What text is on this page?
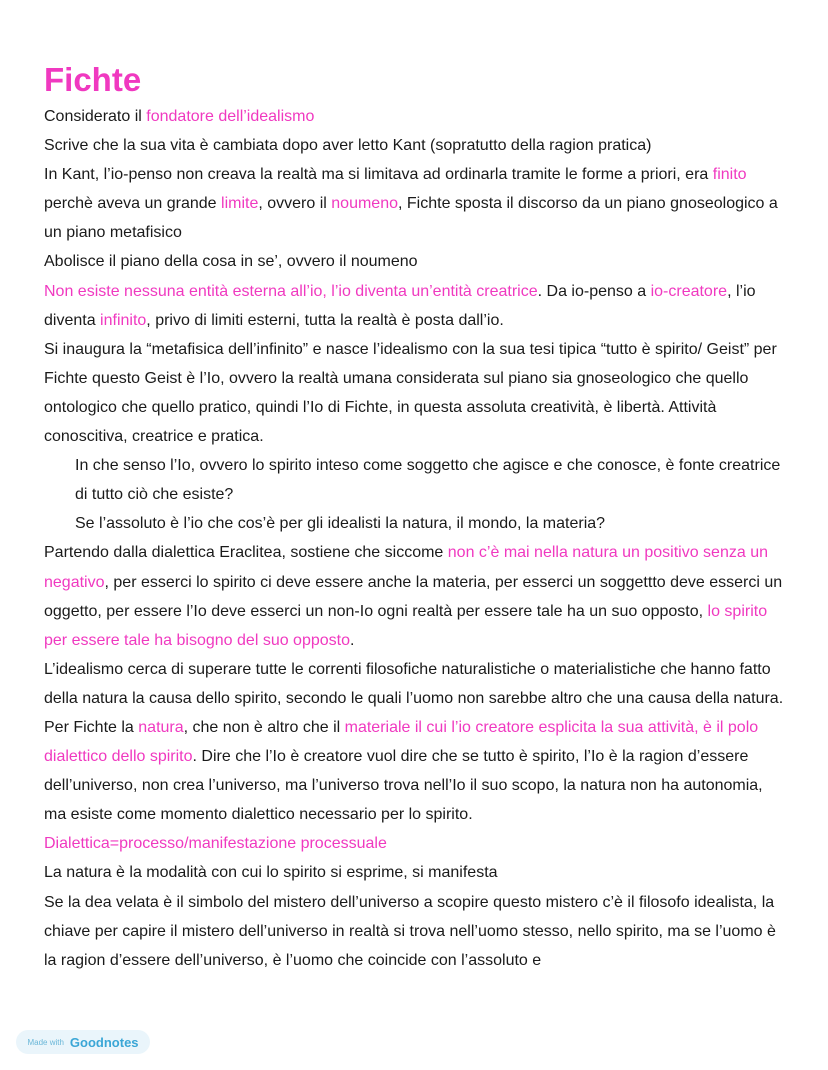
Fichte

Considerato il fondatore dell’idealismo

Scrive che la sua vita è cambiata dopo aver letto Kant (sopratutto della ragion pratica)

In Kant, l’io-penso non creava la realtà ma si limitava ad ordinarla tramite le forme a priori, era finito perchè aveva un grande limite, ovvero il noumeno, Fichte sposta il discorso da un piano gnoseologico a un piano metafisico

Abolisce il piano della cosa in se’, ovvero il noumeno

Non esiste nessuna entità esterna all’io, l’io diventa un’entità creatrice. Da io-penso a io-creatore, l’io diventa infinito, privo di limiti esterni, tutta la realtà è posta dall’io.

Si inaugura la “metafisica dell’infinito” e nasce l’idealismo con la sua tesi tipica “tutto è spirito/ Geist” per Fichte questo Geist è l’Io, ovvero la realtà umana considerata sul piano sia gnoseologico che quello ontologico che quello pratico, quindi l’Io di Fichte, in questa assoluta creatività, è libertà. Attività conoscitiva, creatrice e pratica.

In che senso l’Io, ovvero lo spirito inteso come soggetto che agisce e che conosce, è fonte creatrice di tutto ciò che esiste?

Se l’assoluto è l’io che cos’è per gli idealisti la natura, il mondo, la materia?

Partendo dalla dialettica Eraclitea, sostiene che siccome non c’è mai nella natura un positivo senza un negativo, per esserci lo spirito ci deve essere anche la materia, per esserci un soggettto deve esserci un oggetto, per essere l’Io deve esserci un non-Io ogni realtà per essere tale ha un suo opposto, lo spirito per essere tale ha bisogno del suo opposto.

L’idealismo cerca di superare tutte le correnti filosofiche naturalistiche o materialistiche che hanno fatto della natura la causa dello spirito, secondo le quali l’uomo non sarebbe altro che una causa della natura. Per Fichte la natura, che non è altro che il materiale il cui l’io creatore esplicita la sua attività, è il polo dialettico dello spirito. Dire che l’Io è creatore vuol dire che se tutto è spirito, l’Io è la ragion d’essere dell’universo, non crea l’universo, ma l’universo trova nell’Io il suo scopo, la natura non ha autonomia, ma esiste come momento dialettico necessario per lo spirito.

Dialettica=processo/manifestazione processuale

La natura è la modalità con cui lo spirito si esprime, si manifesta

Se la dea velata è il simbolo del mistero dell’universo a scopire questo mistero c’è il filosofo idealista, la chiave per capire il mistero dell’universo in realtà si trova nell’uomo stesso, nello spirito, ma se l’uomo è la ragion d’essere dell’universo, è l’uomo che coincide con l’assoluto e

Made with Goodnotes
